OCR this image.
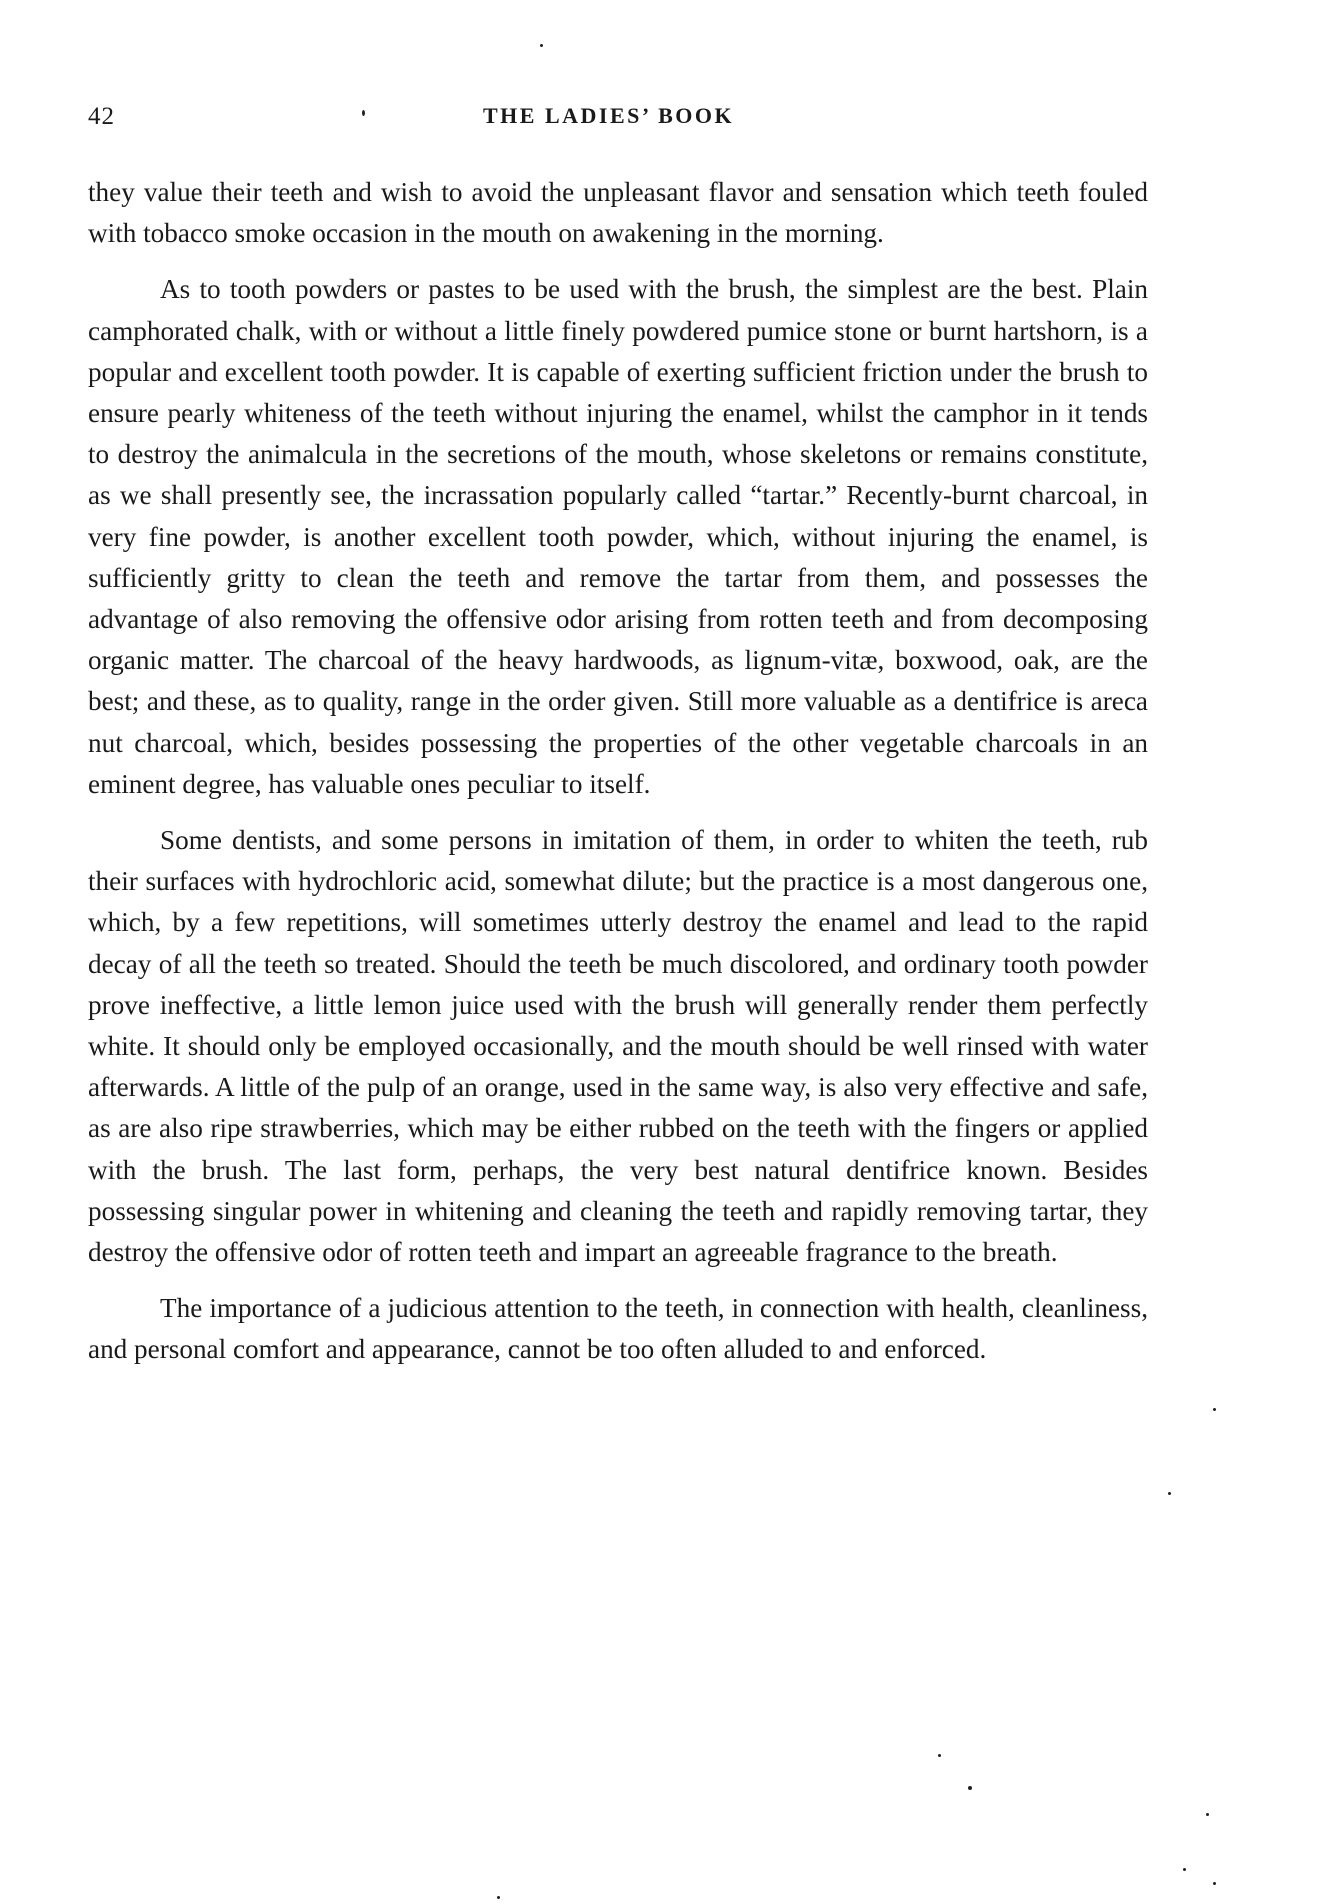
42	THE LADIES’ BOOK

they value their teeth and wish to avoid the unpleasant flavor and sensation which teeth fouled with tobacco smoke occasion in the mouth on awakening in the morning.

As to tooth powders or pastes to be used with the brush, the simplest are the best. Plain camphorated chalk, with or without a little finely powdered pumice stone or burnt hartshorn, is a popular and excellent tooth powder. It is capable of exerting sufficient friction under the brush to ensure pearly whiteness of the teeth without injuring the enamel, whilst the camphor in it tends to destroy the animalcula in the secretions of the mouth, whose skeletons or remains constitute, as we shall presently see, the incrassation popularly called “tartar.” Recently-burnt charcoal, in very fine powder, is another excellent tooth powder, which, without injuring the enamel, is sufficiently gritty to clean the teeth and remove the tartar from them, and possesses the advantage of also removing the offensive odor arising from rotten teeth and from decomposing organic matter. The charcoal of the heavy hardwoods, as lignum-vitæ, boxwood, oak, are the best; and these, as to quality, range in the order given. Still more valuable as a dentifrice is areca nut charcoal, which, besides possessing the properties of the other vegetable charcoals in an eminent degree, has valuable ones peculiar to itself.

Some dentists, and some persons in imitation of them, in order to whiten the teeth, rub their surfaces with hydrochloric acid, somewhat dilute; but the practice is a most dangerous one, which, by a few repetitions, will sometimes utterly destroy the enamel and lead to the rapid decay of all the teeth so treated. Should the teeth be much discolored, and ordinary tooth powder prove ineffective, a little lemon juice used with the brush will generally render them perfectly white. It should only be employed occasionally, and the mouth should be well rinsed with water afterwards. A little of the pulp of an orange, used in the same way, is also very effective and safe, as are also ripe strawberries, which may be either rubbed on the teeth with the fingers or applied with the brush. The last form, perhaps, the very best natural dentifrice known. Besides possessing singular power in whitening and cleaning the teeth and rapidly removing tartar, they destroy the offensive odor of rotten teeth and impart an agreeable fragrance to the breath.

The importance of a judicious attention to the teeth, in connection with health, cleanliness, and personal comfort and appearance, cannot be too often alluded to and enforced.
